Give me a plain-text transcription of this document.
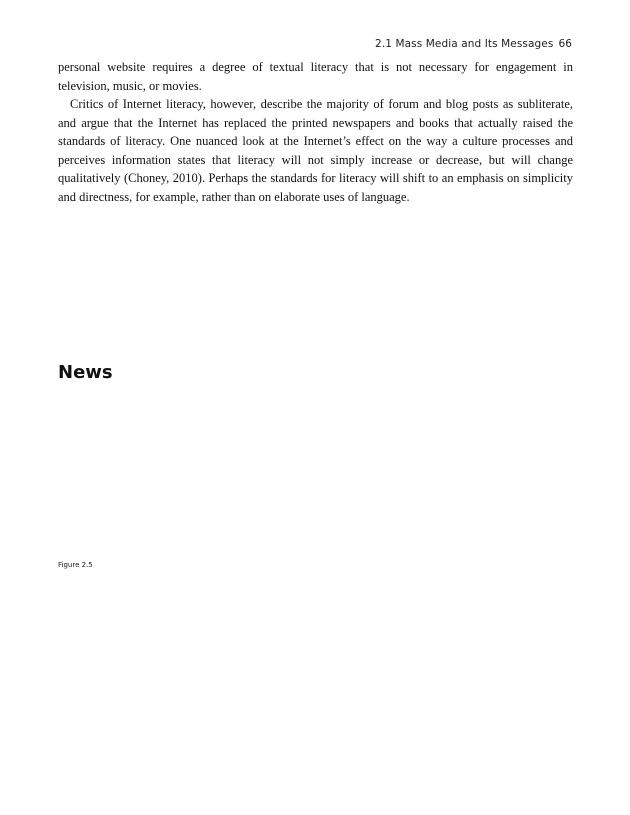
2.1 Mass Media and Its Messages 66

personal website requires a degree of textual literacy that is not necessary for engagement in television, music, or movies.

Critics of Internet literacy, however, describe the majority of forum and blog posts as subliterate, and argue that the Internet has replaced the printed newspapers and books that actually raised the standards of literacy. One nuanced look at the Internet’s effect on the way a culture processes and perceives information states that literacy will not simply increase or decrease, but will change qualitatively (Choney, 2010). Perhaps the standards for literacy will shift to an emphasis on simplicity and directness, for example, rather than on elaborate uses of language.

News
Figure 2.5
